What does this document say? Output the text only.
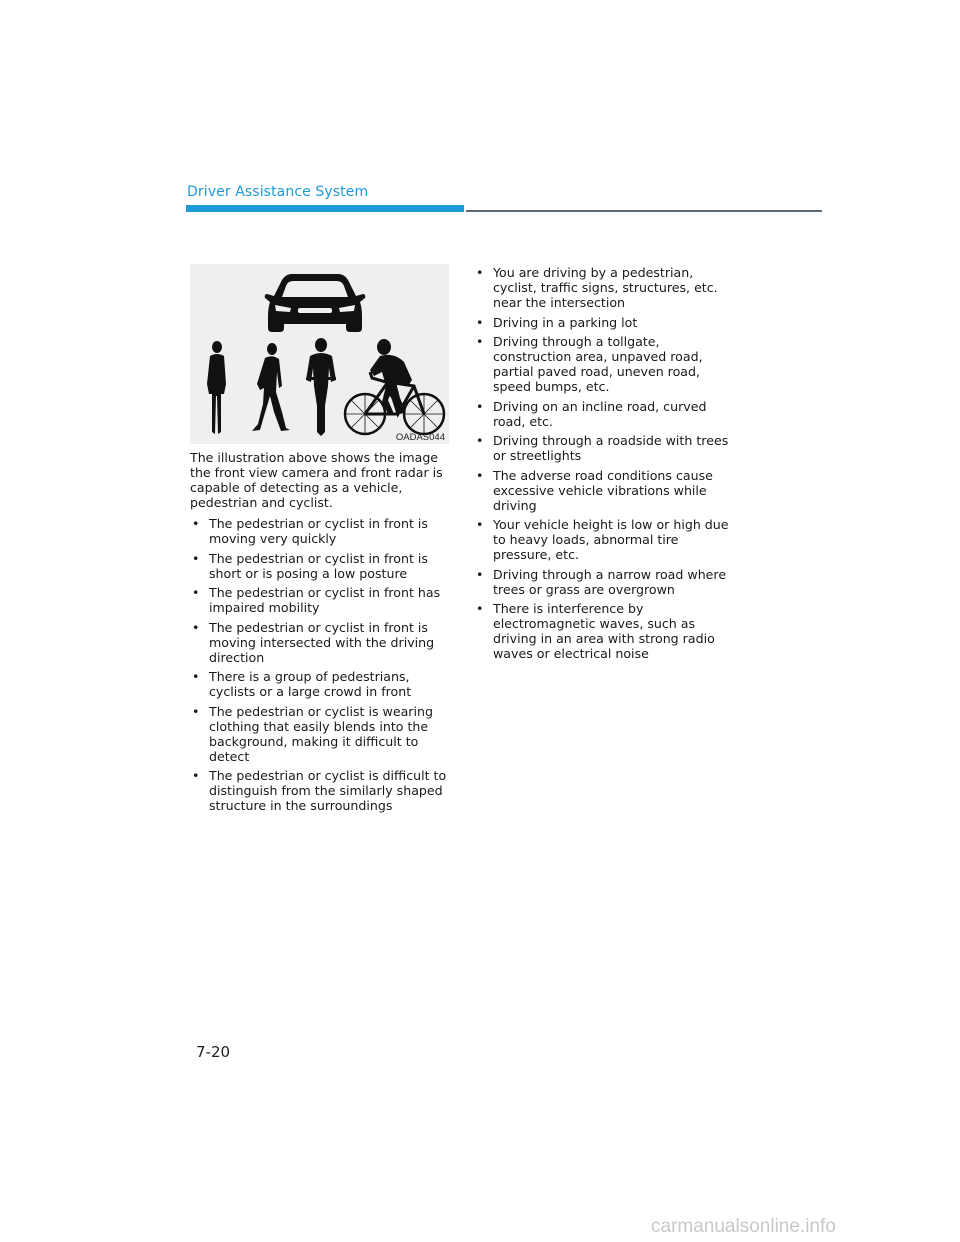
Driver Assistance System
OADAS044

The illustration above shows the image the front view camera and front radar is capable of detecting as a vehicle, pedestrian and cyclist.

• The pedestrian or cyclist in front is moving very quickly
• The pedestrian or cyclist in front is short or is posing a low posture
• The pedestrian or cyclist in front has impaired mobility
• The pedestrian or cyclist in front is moving intersected with the driving direction
• There is a group of pedestrians, cyclists or a large crowd in front
• The pedestrian or cyclist is wearing clothing that easily blends into the background, making it difficult to detect
• The pedestrian or cyclist is difficult to distinguish from the similarly shaped structure in the surroundings
• You are driving by a pedestrian, cyclist, traffic signs, structures, etc. near the intersection
• Driving in a parking lot
• Driving through a tollgate, construction area, unpaved road, partial paved road, uneven road, speed bumps, etc.
• Driving on an incline road, curved road, etc.
• Driving through a roadside with trees or streetlights
• The adverse road conditions cause excessive vehicle vibrations while driving
• Your vehicle height is low or high due to heavy loads, abnormal tire pressure, etc.
• Driving through a narrow road where trees or grass are overgrown
• There is interference by electromagnetic waves, such as driving in an area with strong radio waves or electrical noise
7-20
carmanualsonline.info
